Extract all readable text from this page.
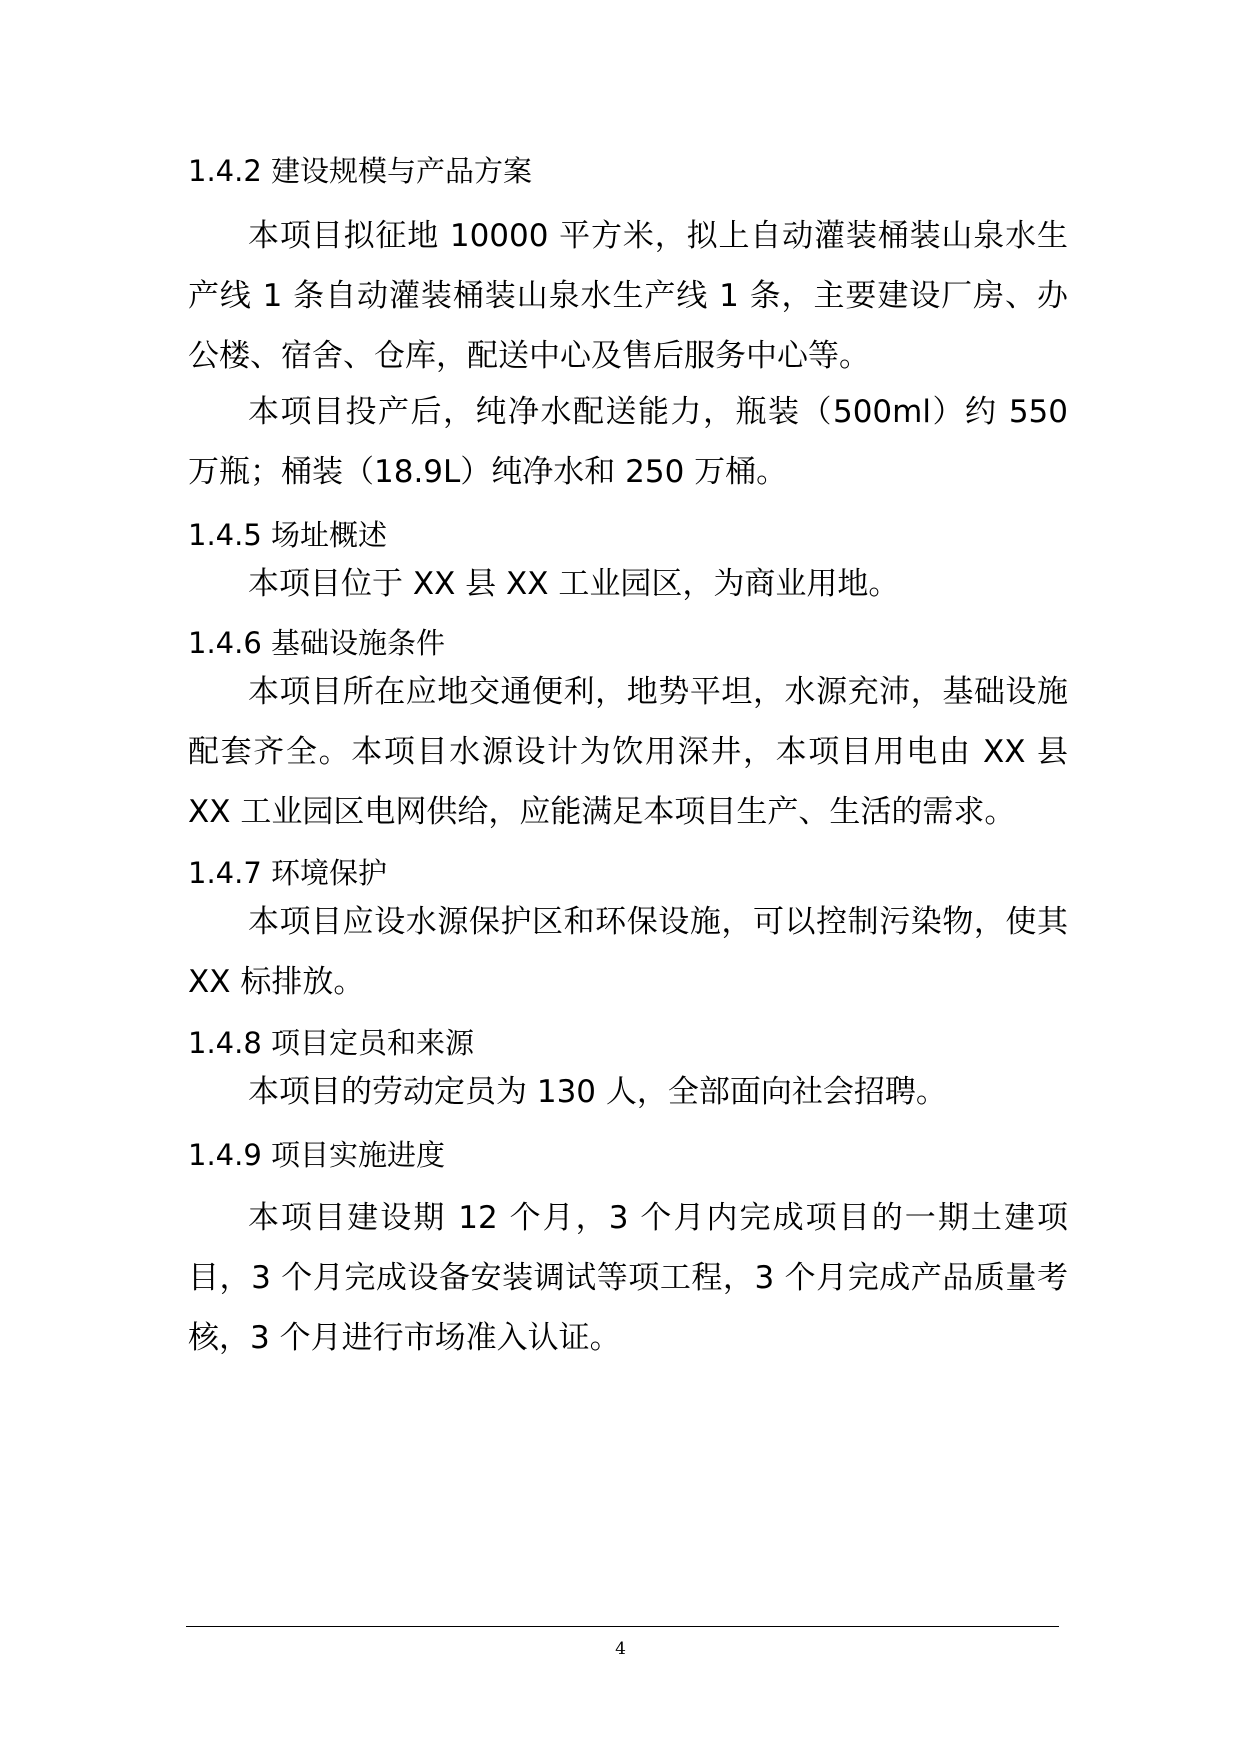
1.4.2 建设规模与产品方案

本项目拟征地 10000 平方米，拟上自动灌装桶装山泉水生产线 1 条自动灌装桶装山泉水生产线 1 条，主要建设厂房、办公楼、宿舍、仓库，配送中心及售后服务中心等。

本项目投产后，纯净水配送能力，瓶装（500ml）约 550 万瓶；桶装（18.9L）纯净水和 250 万桶。

1.4.5 场址概述

本项目位于 XX 县 XX 工业园区，为商业用地。

1.4.6 基础设施条件

本项目所在应地交通便利，地势平坦，水源充沛，基础设施配套齐全。本项目水源设计为饮用深井，本项目用电由 XX 县 XX 工业园区电网供给，应能满足本项目生产、生活的需求。

1.4.7 环境保护

本项目应设水源保护区和环保设施，可以控制污染物，使其 XX 标排放。

1.4.8 项目定员和来源

本项目的劳动定员为 130 人，全部面向社会招聘。

1.4.9 项目实施进度

本项目建设期 12 个月，3 个月内完成项目的一期土建项目，3 个月完成设备安装调试等项工程，3 个月完成产品质量考核，3 个月进行市场准入认证。

4
